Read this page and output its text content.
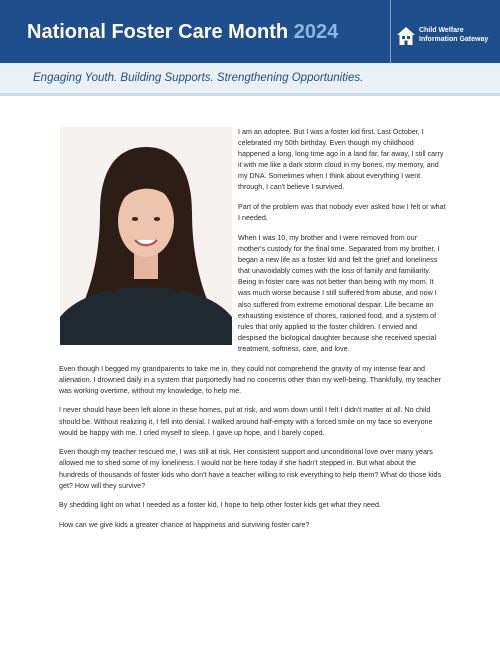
National Foster Care Month 2024	Child Welfare
Information Gateway

Engaging Youth. Building Supports. Strengthening Opportunities.

I am an adoptee. But I was a foster kid first. Last October, I celebrated my 50th birthday. Even though my childhood happened a long, long time ago in a land far, far away, I still carry it with me like a dark storm cloud in my bones, my memory, and my DNA. Sometimes when I think about everything I went through, I can't believe I survived.

Part of the problem was that nobody ever asked how I felt or what I needed.

When I was 10, my brother and I were removed from our mother's custody for the final time. Separated from my brother, I began a new life as a foster kid and felt the grief and loneliness that unavoidably comes with the loss of family and familiarity. Being in foster care was not better than being with my mom. It was much worse because I still suffered from abuse, and now I also suffered from extreme emotional despair. Life became an exhausting existence of chores, rationed food, and a system of rules that only applied to the foster children. I envied and despised the biological daughter because she received special treatment, softness, care, and love.

Even though I begged my grandparents to take me in, they could not comprehend the gravity of my intense fear and alienation. I drowned daily in a system that purportedly had no concerns other than my well-being. Thankfully, my teacher was working overtime, without my knowledge, to help me.

I never should have been left alone in these homes, put at risk, and worn down until I felt I didn't matter at all. No child should be. Without realizing it, I fell into denial. I walked around half-empty with a forced smile on my face so everyone would be happy with me. I cried myself to sleep. I gave up hope, and I barely coped.

Even though my teacher rescued me, I was still at risk. Her consistent support and unconditional love over many years allowed me to shed some of my loneliness. I would not be here today if she hadn't stepped in. But what about the hundreds of thousands of foster kids who don't have a teacher willing to risk everything to help them? What do those kids get? How will they survive?

By shedding light on what I needed as a foster kid, I hope to help other foster kids get what they need.

How can we give kids a greater chance at happiness and surviving foster care?
